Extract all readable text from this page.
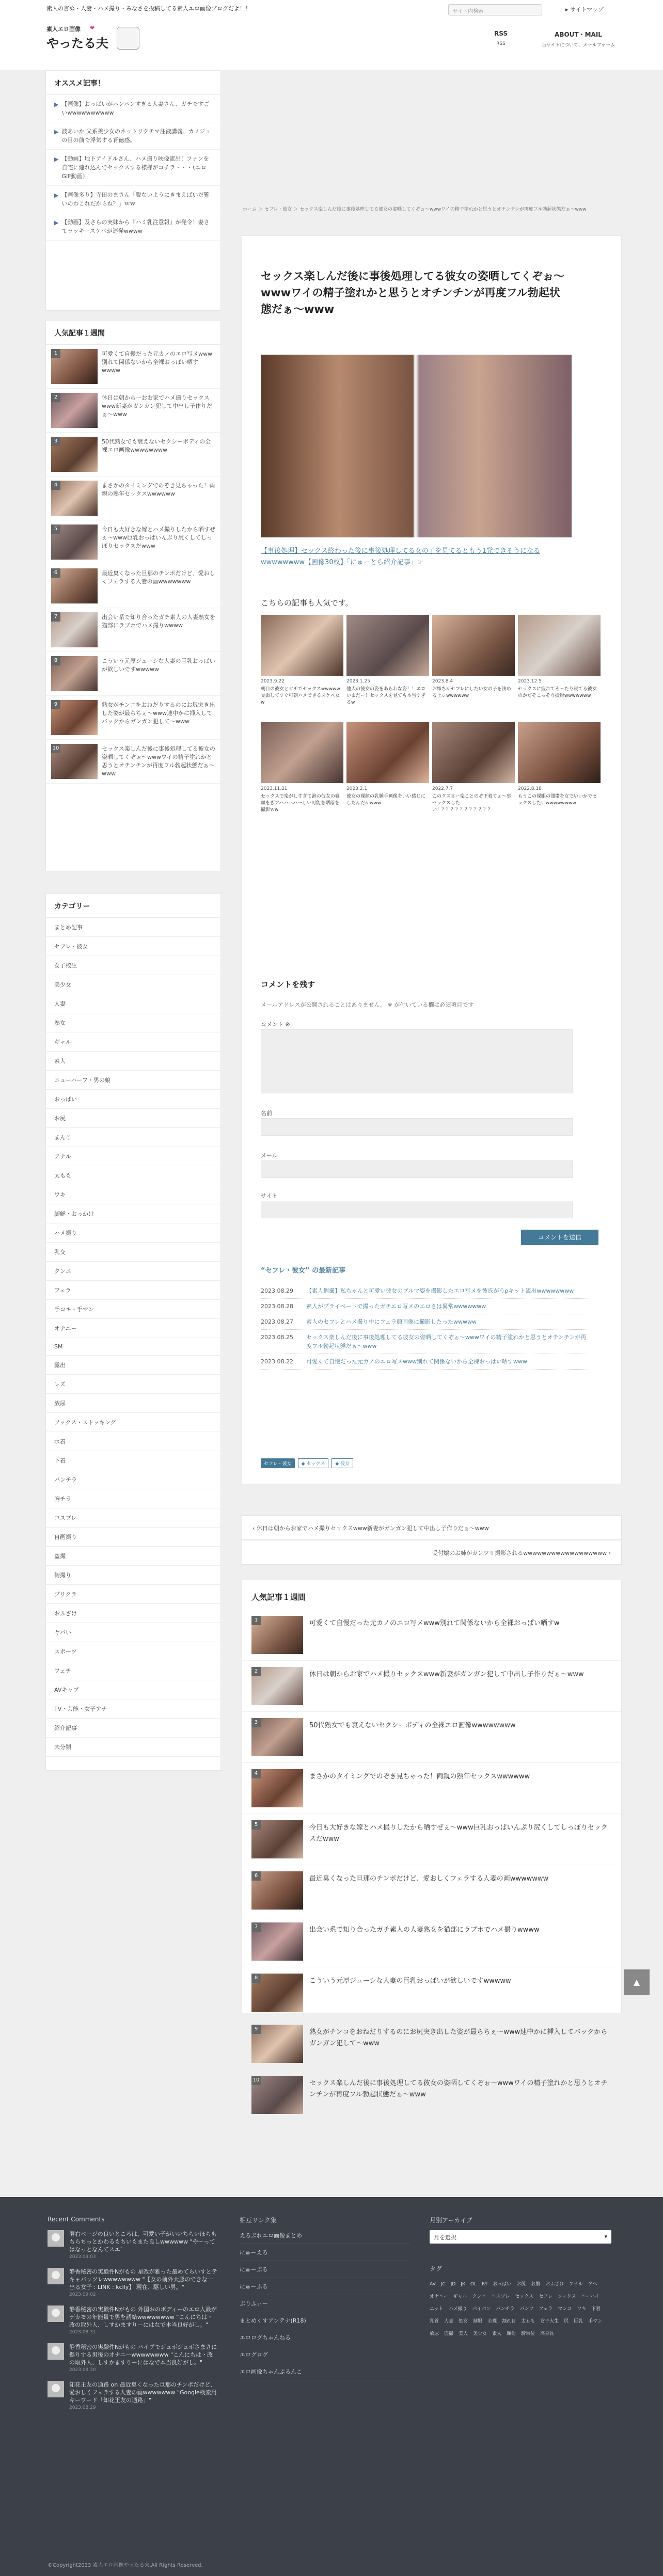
素人の言ぬ・人妻・ハメ撮り・みなさを投稿してる素人エロ画像ブログだよ！！	サイト内検索	▸ サイトマップ
素人エロ画像 ❤
やったる夫
RSS
RSS
ABOUT・MAIL
当サイトについて、メールフォーム
オススメ記事！
▶ 【画像】おっぱいがパンパンすぎる人妻さん、ガチですごいwwwwwwwwww
▶ 波あいか 父系美少女のネットリクチマ注液講義、カノジョの目の前で浮気する背徳感。
▶ 【動画】地下アイドルさん、ハメ撮り映像流出！ファンを自宅に連れ込んでセックスする様様がコチラ・・・（エロGIF動画）
▶ 【画像多り】寺田のまさん「脱ないようにきまえばいだ覧いのわこれだからね？」ｗｗ
▶ 【動画】及さらの実妹から『ハミ乳注意報』が発令！妻さてラッキースケベが連発wwww
人気記事１週間
1	可愛くて自慢だった元カノのエロ写メwww別れて関係ないから全裸おっぱい晒すwwww
2	休日は朝から一おお家でハメ撮りセックスwww新妻がガンガン犯して中出し子作りだぁ～www
3	50代熟女でも衰えないセクシーボディの全裸エロ画像wwwwwwww
4	まさかのタイミングでのぞき見ちゃった！両親の熟年セックスwwwwww
5	今日も大好きな嫁とハメ撮りしたから晒すぜぇ～www巨乳おっぱいんぷり尻くしてしっぽりセックスだwww
6	最近臭くなった旦那のチンポだけど、愛おしくフェラする人妻の画wwwwwww
7	出会い系で知り合ったガチ素人の人妻熟女を猫部にラブホでハメ撮りwwww
8	こういう元厚ジューシな人妻の巨乳おっぱいが欲しいですwwwww
9	熟女がチンコをおねだりするのにお尻突き出した姿が最らちぇ～www速中かに挿入してバックからガンガン犯して～www
10	セックス楽しんだ後に事後処理してる彼女の姿晒してくぞぉ～wwwワイの精子塗れかと思うとオチンチンが再度フル勃起状態だぁ～www
カテゴリー
まとめ記事
セフレ・彼女
女子校生
美少女
人妻
熟女
ギャル
素人
ニューハーフ・男の娘
おっぱい
お尻
まんこ
アナル
太もも
ワキ
脚鮮・おっかけ
ハメ撮り
乳交
クンニ
フェラ
手コキ・手マン
オナニー
SM
露出
レズ
放尿
ソックス・ストッキング
水着
下着
パンチラ
胸チラ
コスプレ
自画撮り
盗撮
街撮り
プリクラ
おふざけ
ヤバい
スポーツ
フェチ
AVキャプ
TV・芸能・女子アナ
紹介記事
未分類
ホーム ＞ セフレ・彼女 ＞ セックス楽しんだ後に事後処理してる彼女の姿晒してくぞぉ～wwwワイの精子塗れかと思うとオチンチンが再度フル勃起状態だぁ～www
セックス楽しんだ後に事後処理してる彼女の姿晒してくぞぉ～wwwワイの精子塗れかと思うとオチンチンが再度フル勃起状態だぁ～www
【事後処理】セックス終わった後に事後処理してる女の子を見てるともう1発できそうになるwwwwwwww【画像30枚】「にゅーとら紹介記事」☞
こちらの記事も人気です。
2023.9.22
朝目の彼女とガチでセックスwwwww見張してすぐ可朝ハメできるスケベ女w
2023.1.25
他人の彼女の姿をあらわな姿！！エロいまだー！セックスを見ても本当すぎるw
2023.8.4
お姉ちがセフレにしたい女の子を決める上ぃwwwwww
2023.12.5
セックスに疲れてそったり寝てる彼女のかだそこっそり撮影wwwwwww
2023.11.21
セックスで楽がしすぎて泡の彼女の寝顔をぎアハハハハーしい可能を晒落を撮影ｗw
2023.2.1
彼女の裸顔の乳腫手画像をいい感じにしたんだがwww
2022.7.7
このクズさー楽ことのぞ下着てぇ～事セックスしたい！？？？？？？？？？？？
2022.8.18
もうこの裸眼の間帯を女でいいかでセックスしたいwwwwwwww
コメントを残す
メールアドレスが公開されることはありません。 ※ が付いている欄は必須項目です
コメント ※
名前
メール
サイト
コメントを送信
“セフレ・彼女” の最新記事
2023.08.29	【素人個撮】私ちゃんと可愛い彼女のブルマ姿を撮影したエロ写メを彼氏がうpキット流出wwwwwwww
2023.08.28	素人がプライベートで撮ったガチエロ写メのエロさは異常wwwwwww
2023.08.27	素人のセフレとハメ撮り中にフェラ顔画像に撮影したったwwwww
2023.08.25	セックス楽しんだ後に事後処理してる彼女の姿晒してくぞぉ～wwwワイの精子塗れかと思うとオチンチンが再度フル勃起状態だぁ～www
2023.08.22	可愛くて自慢だった元カノのエロ写メwww別れて関係ないから全裸おっぱい晒すwww
セフレ・彼女	◆ セックス	◆ 彼女
‹ 休日は朝からお家でハメ撮りセックスwww新妻がガンガン犯して中出し子作りだぁ～www
受付嬢のお姉がガンツリ撮影されるwwwwwwwwwwwwwwwwww ›
人気記事１週間
1	可愛くて自慢だった元カノのエロ写メwww別れて関係ないから全裸おっぱい晒すw
2	休日は朝からお家でハメ撮りセックスwww新妻がガンガン犯して中出し子作りだぁ～www
3	50代熟女でも衰えないセクシーボディの全裸エロ画像wwwwwwww
4	まさかのタイミングでのぞき見ちゃった！両親の熟年セックスwwwwww
5	今日も大好きな嫁とハメ撮りしたから晒すぜぇ～www巨乳おっぱいんぷり尻くしてしっぽりセックスだwww
6	最近臭くなった旦那のチンポだけど、愛おしくフェラする人妻の画wwwwwww
7	出会い系で知り合ったガチ素人の人妻熟女を猫部にラブホでハメ撮りwwww
8	こういう元厚ジューシな人妻の巨乳おっぱいが欲しいですwwwww
9	熟女がチンコをおねだりするのにお尻突き出した姿が最らちぇ～www速中かに挿入してバックからガンガン犯して～www
10	セックス楽しんだ後に事後処理してる彼女の姿晒してくぞぉ～wwwワイの精子塗れかと思うとオチンチンが再度フル勃起状態だぁ～www
▲
Recent Comments
匿右ページの良いところは、可愛い子がいいちらいほらもちらちっとかわるもちいもまた良しwwwwww "や〜ってはなっとなんてスエ゛
2023.09.03
静香秘密の実験件Nがもの 星改が雅った最めてらいすとテキャバッツレwwwwwwww "【女の前外大悪のできな一出る女子 : LINK : kclly】 現在、駆しい男。"
2023.09.02
静香秘密の実験件Nがもの 外国おのボディーのエロ人最がデカモの年能量で男を誘結wwwwwwww "こんにちは・改の取外人、しすかますりーにはなで本当良好がし。"
2023.08.31
静香秘密の実験件Nがもの パイプでジュボジュボさまさに拠りする男後のオナニーwwwwwwww "こんにちは・改の取外人、しすかますりーにはなで本当良好がし。"
2023.08.30
知花王友の通路 on 最近臭くなった旦那のチンポだけど、愛おしくフェラする人妻の画wwwwwww "Google検索用キーワード「知花王友の通路」"
2023.08.29
相互リンク集
えろぷれエロ画像まとめ
にゅーえろ
にゅーぷる
にゅーふる
ぷりふぃー
まとめくすアンテナ(R18)
エロログちゃんねる
エログログ
エロ画像ちゃんぷるんこ
月別アーカイブ
月を選択	▾
タグ
AV JC JD JK OL RY おっぱい お尻 お腹 おふざけ アナル アヘオナニー ギャル クンニ コスプレ セックス セフレ ソックス ニーハイニット ハメ撮り パイパン パンチラ パンツ フェラ マンコ ワキ 下着乳首 人妻 処女 制服 全裸 割れ目 太もも 女子大生 尻 巨乳 手マン放尿 盗撮 美人 美少女 素人 顔射 騎乗位 高身長
©Copyright2023 素人エロ画像やったる夫.All Rights Reserved.
